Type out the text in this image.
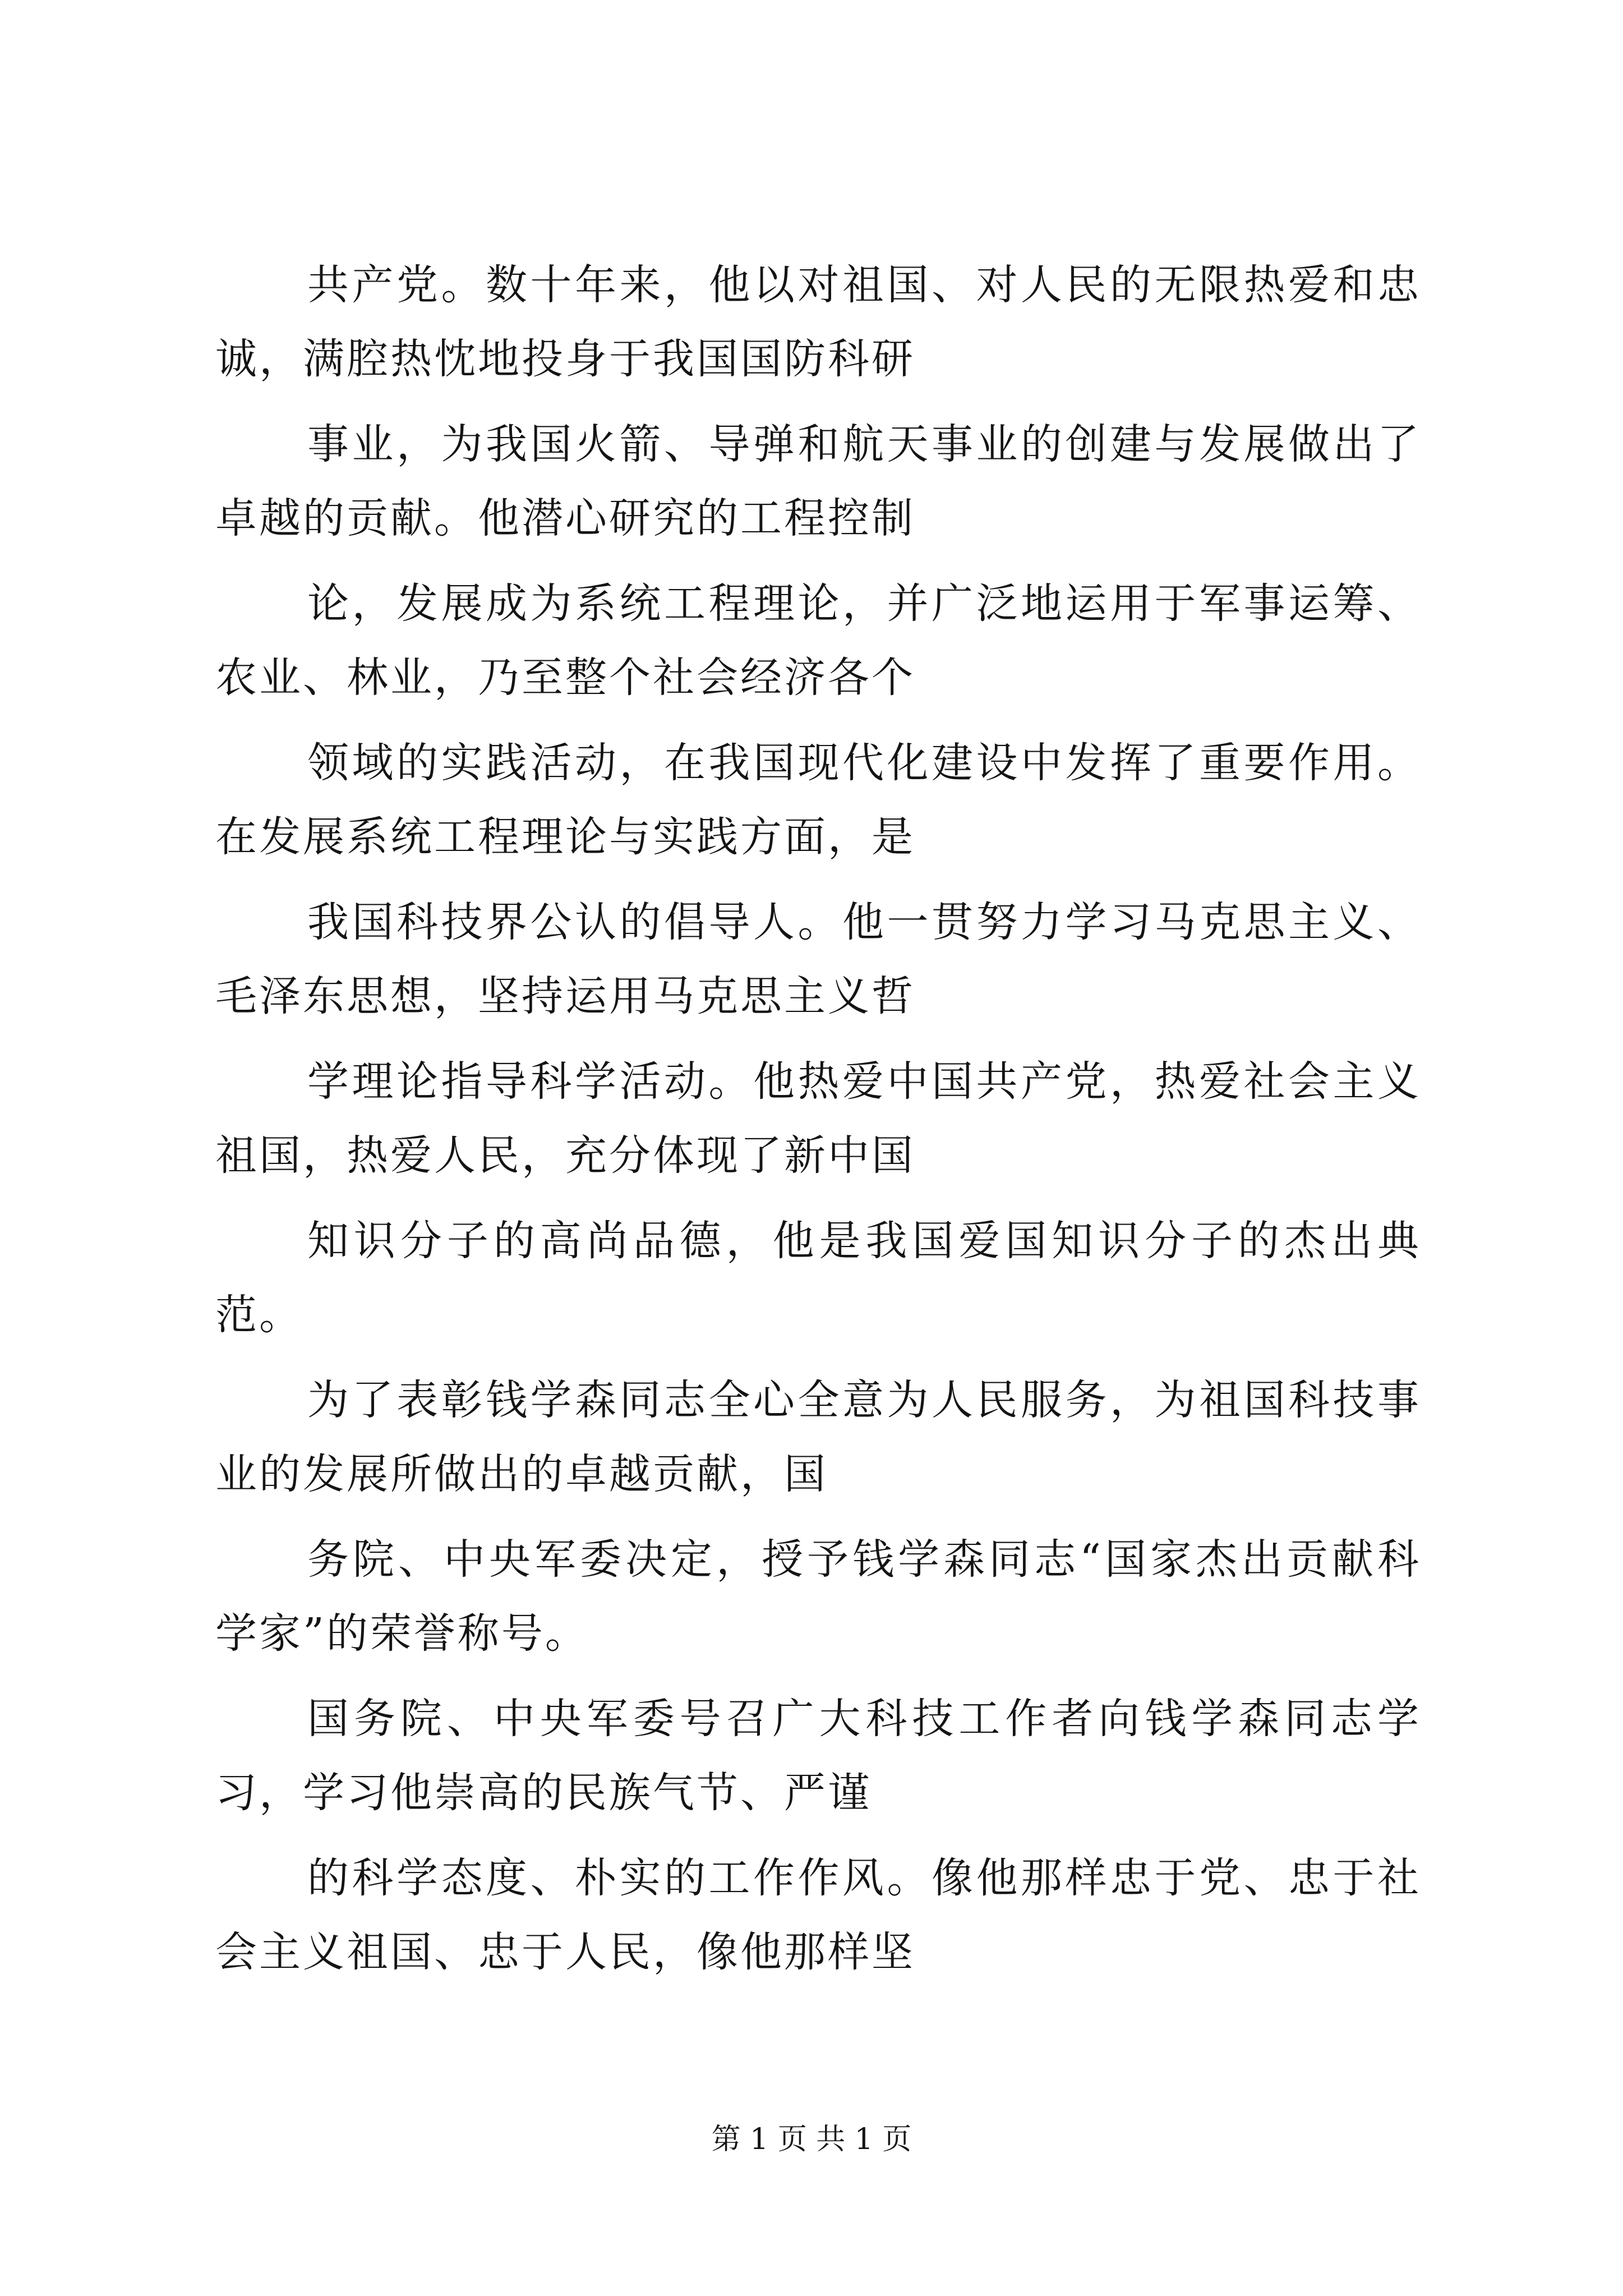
共产党。数十年来，他以对祖国、对人民的无限热爱和忠诚，满腔热忱地投身于我国国防科研

事业，为我国火箭、导弹和航天事业的创建与发展做出了卓越的贡献。他潜心研究的工程控制

论，发展成为系统工程理论，并广泛地运用于军事运筹、农业、林业，乃至整个社会经济各个

领域的实践活动，在我国现代化建设中发挥了重要作用。在发展系统工程理论与实践方面，是

我国科技界公认的倡导人。他一贯努力学习马克思主义、毛泽东思想，坚持运用马克思主义哲

学理论指导科学活动。他热爱中国共产党，热爱社会主义祖国，热爱人民，充分体现了新中国

知识分子的高尚品德，他是我国爱国知识分子的杰出典范。

为了表彰钱学森同志全心全意为人民服务，为祖国科技事业的发展所做出的卓越贡献，国

务院、中央军委决定，授予钱学森同志“国家杰出贡献科学家”的荣誉称号。

国务院、中央军委号召广大科技工作者向钱学森同志学习，学习他崇高的民族气节、严谨

的科学态度、朴实的工作作风。像他那样忠于党、忠于社会主义祖国、忠于人民，像他那样坚

第 1 页 共 1 页
